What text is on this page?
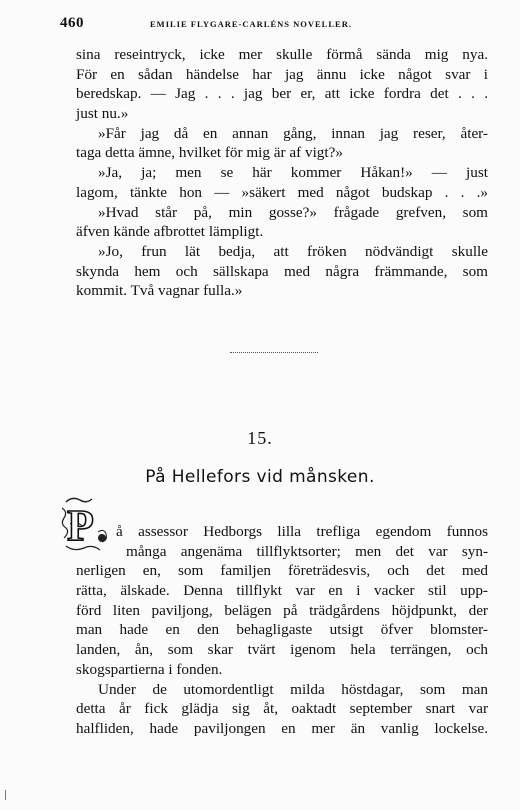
460	EMILIE FLYGARE-CARLÉNS NOVELLER.
sina reseintryck, icke mer skulle förmå sända mig nya.
För en sådan händelse har jag ännu icke något svar i
beredskap. — Jag . . . jag ber er, att icke fordra det . . .
just nu.»
»Får jag då en annan gång, innan jag reser, åter-
taga detta ämne, hvilket för mig är af vigt?»
»Ja, ja; men se här kommer Håkan!» — just
lagom, tänkte hon — »säkert med något budskap . . .»
»Hvad står på, min gosse?» frågade grefven, som
äfven kände afbrottet lämpligt.
»Jo, frun lät bedja, att fröken nödvändigt skulle
skynda hem och sällskapa med några främmande, som
kommit. Två vagnar fulla.»
15.
På Hellefors vid månsken.
P	å assessor Hedborgs lilla trefliga egendom funnos
många angenäma tillflyktsorter; men det var syn-
nerligen en, som familjen företrädesvis, och det med
rätta, älskade. Denna tillflykt var en i vacker stil upp-
förd liten paviljong, belägen på trädgårdens höjdpunkt, der
man hade en den behagligaste utsigt öfver blomster-
landen, ån, som skar tvärt igenom hela terrängen, och
skogspartierna i fonden.
Under de utomordentligt milda höstdagar, som man
detta år fick glädja sig åt, oaktadt september snart var
halfliden, hade paviljongen en mer än vanlig lockelse.
